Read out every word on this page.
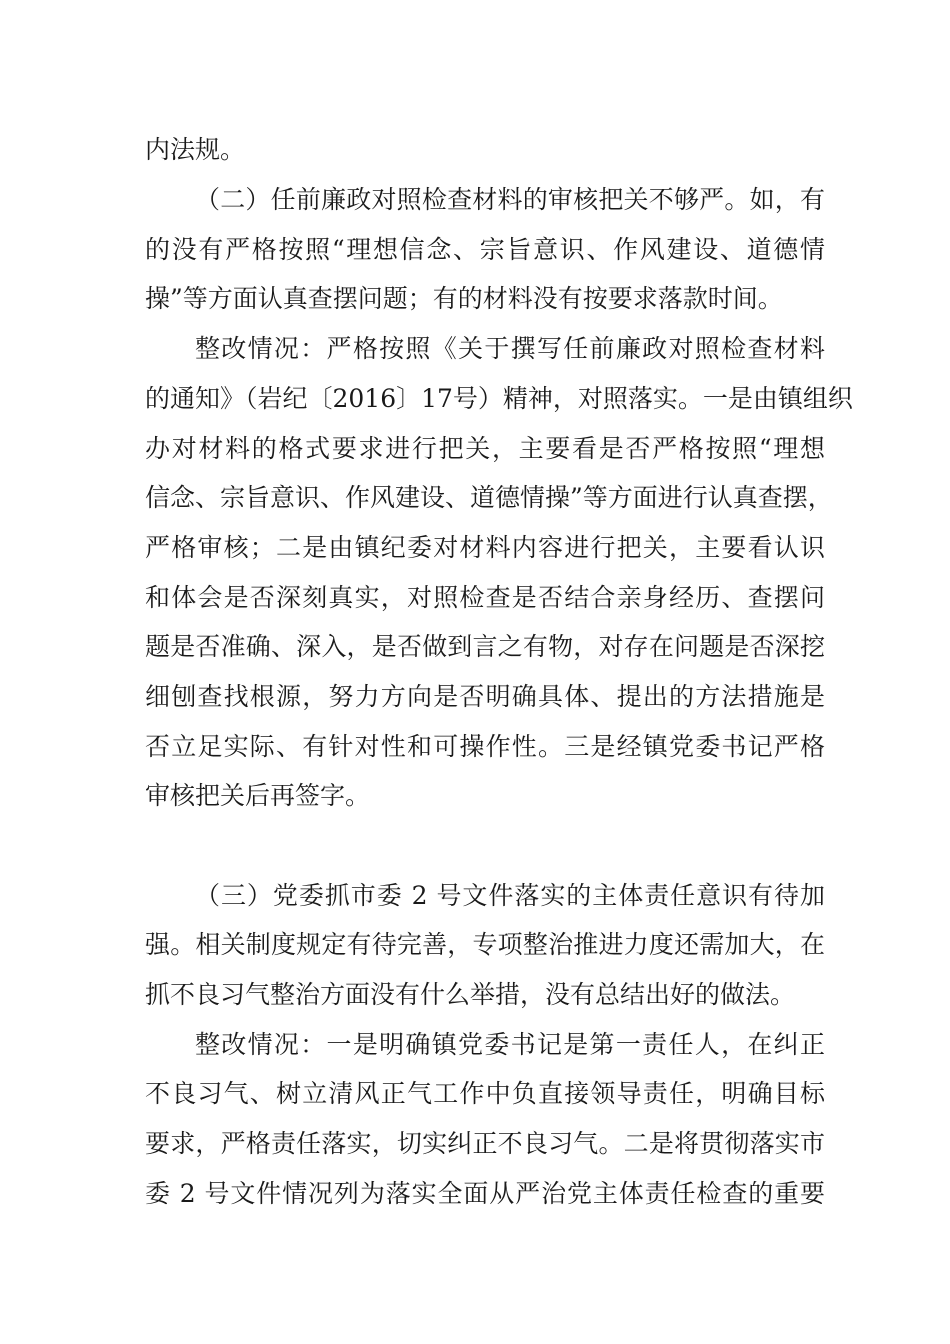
内法规。
（二）任前廉政对照检查材料的审核把关不够严。如，有
的没有严格按照“理想信念、宗旨意识、作风建设、道德情
操”等方面认真查摆问题；有的材料没有按要求落款时间。
整改情况：严格按照《关于撰写任前廉政对照检查材料
的通知》（岩纪〔2016〕17号）精神，对照落实。一是由镇组织
办对材料的格式要求进行把关，主要看是否严格按照“理想
信念、宗旨意识、作风建设、道德情操”等方面进行认真查摆，
严格审核；二是由镇纪委对材料内容进行把关，主要看认识
和体会是否深刻真实，对照检查是否结合亲身经历、查摆问
题是否准确、深入，是否做到言之有物，对存在问题是否深挖
细刨查找根源，努力方向是否明确具体、提出的方法措施是
否立足实际、有针对性和可操作性。三是经镇党委书记严格
审核把关后再签字。
（三）党委抓市委 2 号文件落实的主体责任意识有待加
强。相关制度规定有待完善，专项整治推进力度还需加大，在
抓不良习气整治方面没有什么举措，没有总结出好的做法。
整改情况：一是明确镇党委书记是第一责任人，在纠正
不良习气、树立清风正气工作中负直接领导责任，明确目标
要求，严格责任落实，切实纠正不良习气。二是将贯彻落实市
委 2 号文件情况列为落实全面从严治党主体责任检查的重要
